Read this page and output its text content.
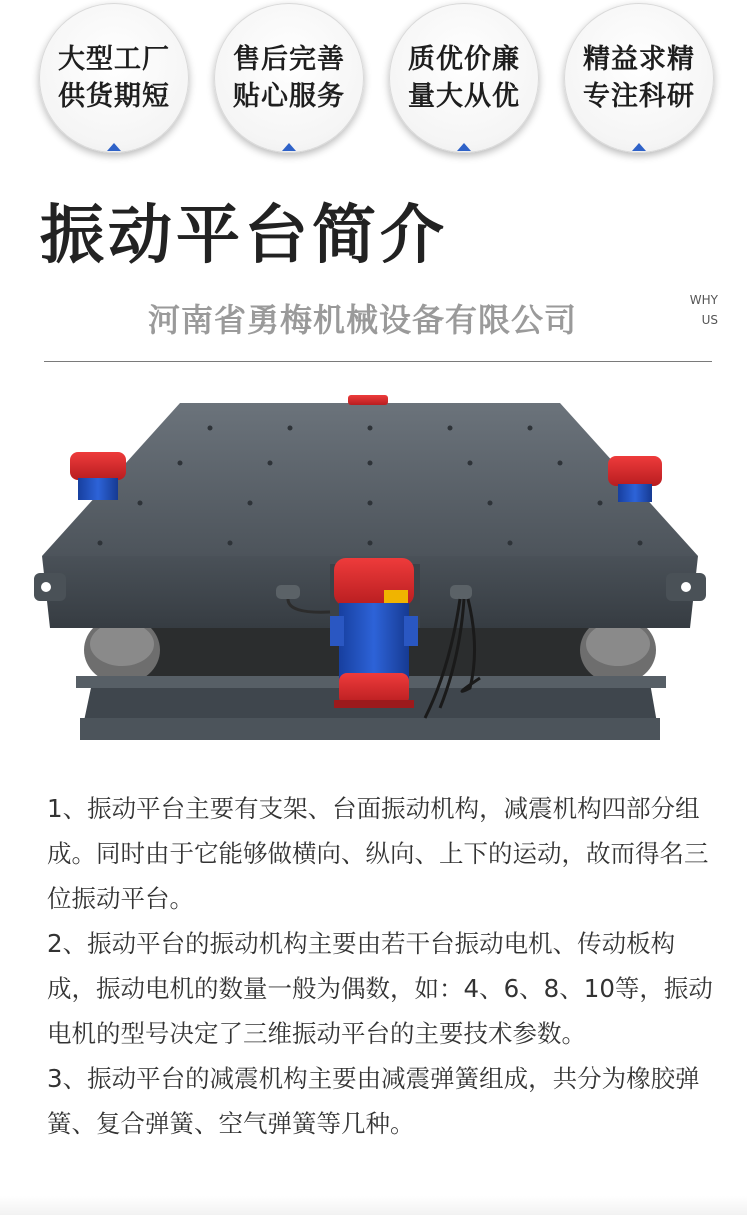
大型工厂
供货期短
售后完善
贴心服务
质优价廉
量大从优
精益求精
专注科研
振动平台简介
河南省勇梅机械设备有限公司
WHY
US

1、振动平台主要有支架、台面振动机构，减震机构四部分组成。同时由于它能够做横向、纵向、上下的运动，故而得名三位振动平台。

2、振动平台的振动机构主要由若干台振动电机、传动板构成，振动电机的数量一般为偶数，如：4、6、8、10等，振动电机的型号决定了三维振动平台的主要技术参数。

3、振动平台的减震机构主要由减震弹簧组成，共分为橡胶弹簧、复合弹簧、空气弹簧等几种。
